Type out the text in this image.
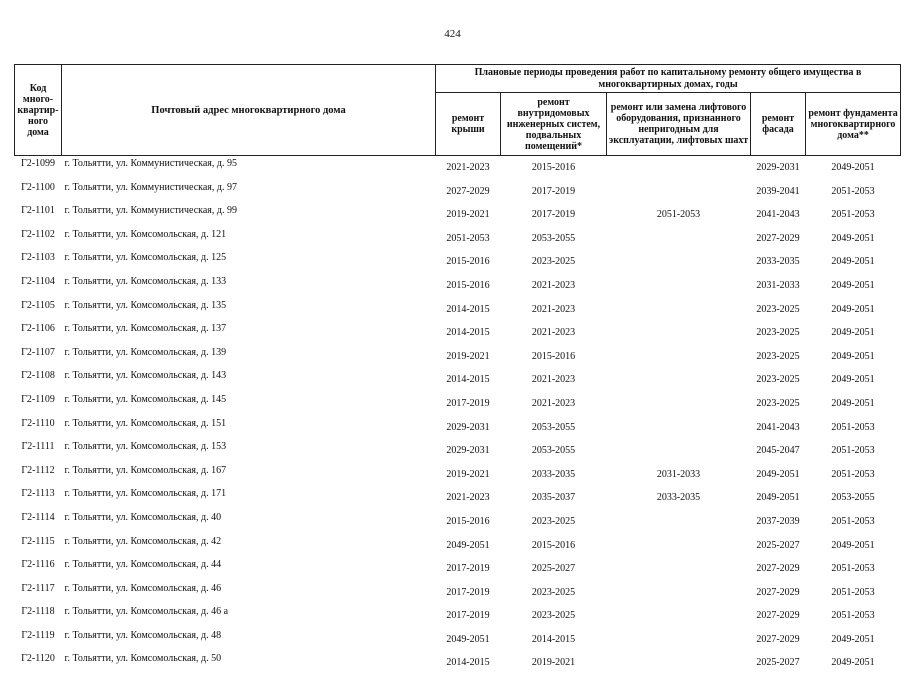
424
Код много-квартир-ного дома	Почтовый адрес многоквартирного дома	Плановые периоды проведения работ по капитальному ремонту общего имущества в многоквартирных домах, годы				
		ремонт крыши	ремонт внутридомовых инженерных систем, подвальных помещений*	ремонт или замена лифтового оборудования, признанного непригодным для эксплуатации, лифтовых шахт	ремонт фасада	ремонт фундамента многоквартирного дома**
Г2-1099	г. Тольятти, ул. Коммунистическая, д. 95	2021-2023	2015-2016		2029-2031	2049-2051
Г2-1100	г. Тольятти, ул. Коммунистическая, д. 97	2027-2029	2017-2019		2039-2041	2051-2053
Г2-1101	г. Тольятти, ул. Коммунистическая, д. 99	2019-2021	2017-2019	2051-2053	2041-2043	2051-2053
Г2-1102	г. Тольятти, ул. Комсомольская, д. 121	2051-2053	2053-2055		2027-2029	2049-2051
Г2-1103	г. Тольятти, ул. Комсомольская, д. 125	2015-2016	2023-2025		2033-2035	2049-2051
Г2-1104	г. Тольятти, ул. Комсомольская, д. 133	2015-2016	2021-2023		2031-2033	2049-2051
Г2-1105	г. Тольятти, ул. Комсомольская, д. 135	2014-2015	2021-2023		2023-2025	2049-2051
Г2-1106	г. Тольятти, ул. Комсомольская, д. 137	2014-2015	2021-2023		2023-2025	2049-2051
Г2-1107	г. Тольятти, ул. Комсомольская, д. 139	2019-2021	2015-2016		2023-2025	2049-2051
Г2-1108	г. Тольятти, ул. Комсомольская, д. 143	2014-2015	2021-2023		2023-2025	2049-2051
Г2-1109	г. Тольятти, ул. Комсомольская, д. 145	2017-2019	2021-2023		2023-2025	2049-2051
Г2-1110	г. Тольятти, ул. Комсомольская, д. 151	2029-2031	2053-2055		2041-2043	2051-2053
Г2-1111	г. Тольятти, ул. Комсомольская, д. 153	2029-2031	2053-2055		2045-2047	2051-2053
Г2-1112	г. Тольятти, ул. Комсомольская, д. 167	2019-2021	2033-2035	2031-2033	2049-2051	2051-2053
Г2-1113	г. Тольятти, ул. Комсомольская, д. 171	2021-2023	2035-2037	2033-2035	2049-2051	2053-2055
Г2-1114	г. Тольятти, ул. Комсомольская, д. 40	2015-2016	2023-2025		2037-2039	2051-2053
Г2-1115	г. Тольятти, ул. Комсомольская, д. 42	2049-2051	2015-2016		2025-2027	2049-2051
Г2-1116	г. Тольятти, ул. Комсомольская, д. 44	2017-2019	2025-2027		2027-2029	2051-2053
Г2-1117	г. Тольятти, ул. Комсомольская, д. 46	2017-2019	2023-2025		2027-2029	2051-2053
Г2-1118	г. Тольятти, ул. Комсомольская, д. 46 а	2017-2019	2023-2025		2027-2029	2051-2053
Г2-1119	г. Тольятти, ул. Комсомольская, д. 48	2049-2051	2014-2015		2027-2029	2049-2051
Г2-1120	г. Тольятти, ул. Комсомольская, д. 50	2014-2015	2019-2021		2025-2027	2049-2051
